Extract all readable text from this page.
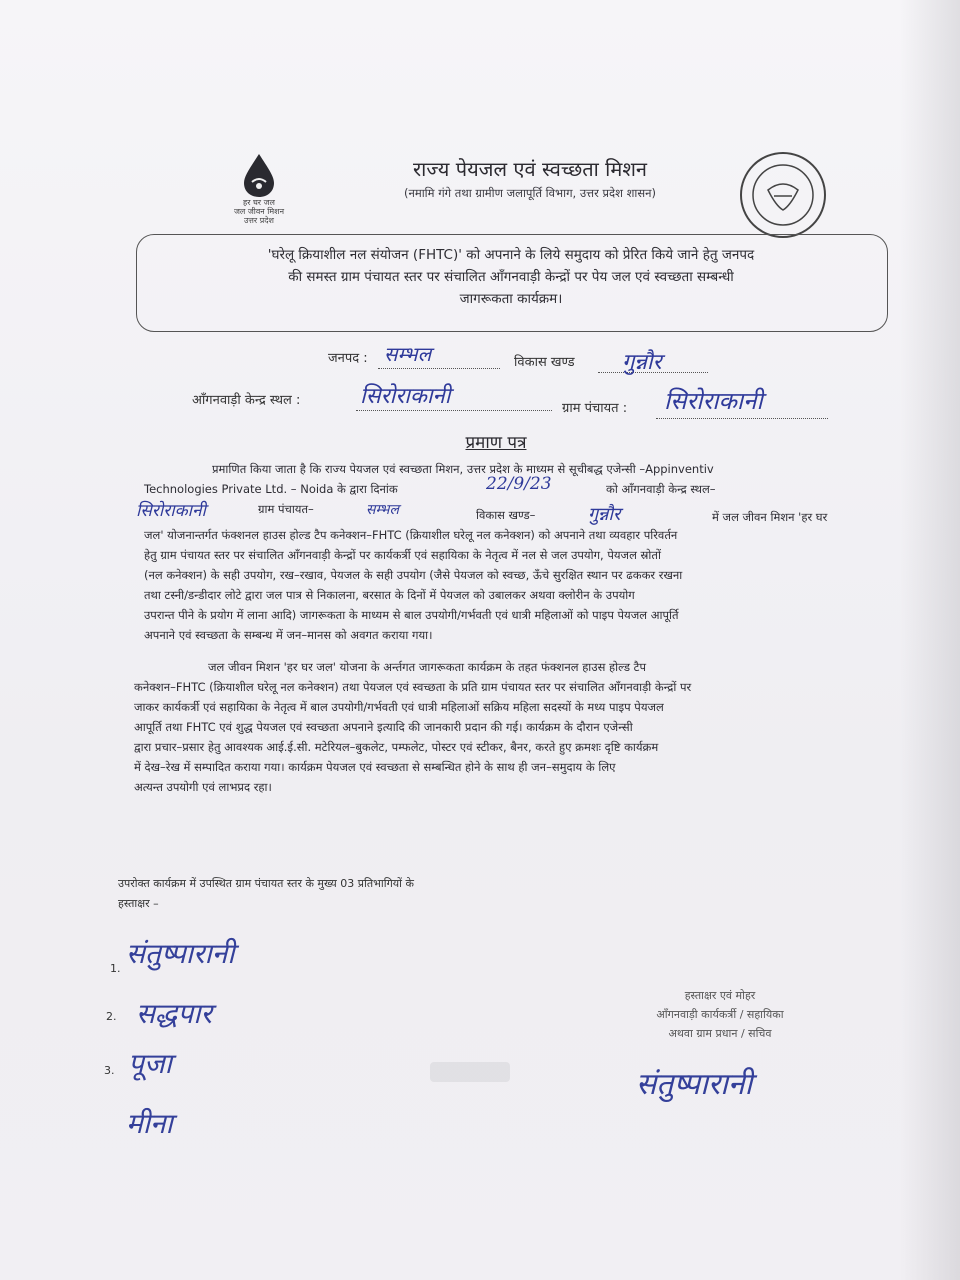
हर घर जल
जल जीवन मिशन
उत्तर प्रदेश
राज्य पेयजल एवं स्वच्छता मिशन
(नमामि गंगे तथा ग्रामीण जलापूर्ति विभाग, उत्तर प्रदेश शासन)
'घरेलू क्रियाशील नल संयोजन (FHTC)' को अपनाने के लिये समुदाय को प्रेरित किये जाने हेतु जनपद
की समस्त ग्राम पंचायत स्तर पर संचालित आँगनवाड़ी केन्द्रों पर पेय जल एवं स्वच्छता सम्बन्धी
जागरूकता कार्यक्रम।
जनपद : सम्भल	विकास खण्ड गुन्नौर
आँगनवाड़ी केन्द्र स्थल :	सिरोराकानी	ग्राम पंचायत : सिरोराकानी
प्रमाण पत्र
प्रमाणित किया जाता है कि राज्य पेयजल एवं स्वच्छता मिशन, उत्तर प्रदेश के माध्यम से सूचीबद्ध एजेन्सी –Appinventiv
Technologies Private Ltd. – Noida के द्वारा दिनांक	22/9/23	को आँगनवाड़ी केन्द्र स्थल–
सिरोराकानी	ग्राम पंचायत–	सम्भल	विकास खण्ड–	गुन्नौर	में जल जीवन मिशन 'हर घर
जल' योजनान्तर्गत फंक्शनल हाउस होल्ड टैप कनेक्शन–FHTC (क्रियाशील घरेलू नल कनेक्शन) को अपनाने तथा व्यवहार परिवर्तन
हेतु ग्राम पंचायत स्तर पर संचालित आँगनवाड़ी केन्द्रों पर कार्यकर्त्री एवं सहायिका के नेतृत्व में नल से जल उपयोग, पेयजल स्रोतों
(नल कनेक्शन) के सही उपयोग, रख–रखाव, पेयजल के सही उपयोग (जैसे पेयजल को स्वच्छ, ऊँचे सुरक्षित स्थान पर ढककर रखना
तथा टस्नी/डन्डीदार लोटे द्वारा जल पात्र से निकालना, बरसात के दिनों में पेयजल को उबालकर अथवा क्लोरीन के उपयोग
उपरान्त पीने के प्रयोग में लाना आदि) जागरूकता के माध्यम से बाल उपयोगी/गर्भवती एवं धात्री महिलाओं को पाइप पेयजल आपूर्ति
अपनाने एवं स्वच्छता के सम्बन्ध में जन–मानस को अवगत कराया गया।
जल जीवन मिशन 'हर घर जल' योजना के अर्न्तगत जागरूकता कार्यक्रम के तहत फंक्शनल हाउस होल्ड टैप
कनेक्शन–FHTC (क्रियाशील घरेलू नल कनेक्शन) तथा पेयजल एवं स्वच्छता के प्रति ग्राम पंचायत स्तर पर संचालित आँगनवाड़ी केन्द्रों पर
जाकर कार्यकर्त्री एवं सहायिका के नेतृत्व में बाल उपयोगी/गर्भवती एवं धात्री महिलाओं सक्रिय महिला सदस्यों के मध्य पाइप पेयजल
आपूर्ति तथा FHTC एवं शुद्ध पेयजल एवं स्वच्छता अपनाने इत्यादि की जानकारी प्रदान की गई। कार्यक्रम के दौरान एजेन्सी
द्वारा प्रचार–प्रसार हेतु आवश्यक आई.ई.सी. मटेरियल–बुकलेट, पम्फलेट, पोस्टर एवं स्टीकर, बैनर, करते हुए क्रमशः दृष्टि कार्यक्रम
में देख–रेख में सम्पादित कराया गया। कार्यक्रम पेयजल एवं स्वच्छता से सम्बन्धित होने के साथ ही जन–समुदाय के लिए
अत्यन्त उपयोगी एवं लाभप्रद रहा।
उपरोक्त कार्यक्रम में उपस्थित ग्राम पंचायत स्तर के मुख्य 03 प्रतिभागियों के
हस्ताक्षर –
1. संतुष्पारानी
2. सद्धपार
3. पूजा
मीना
हस्ताक्षर एवं मोहर
आँगनवाड़ी कार्यकर्त्री / सहायिका
अथवा ग्राम प्रधान / सचिव
संतुष्पारानी
